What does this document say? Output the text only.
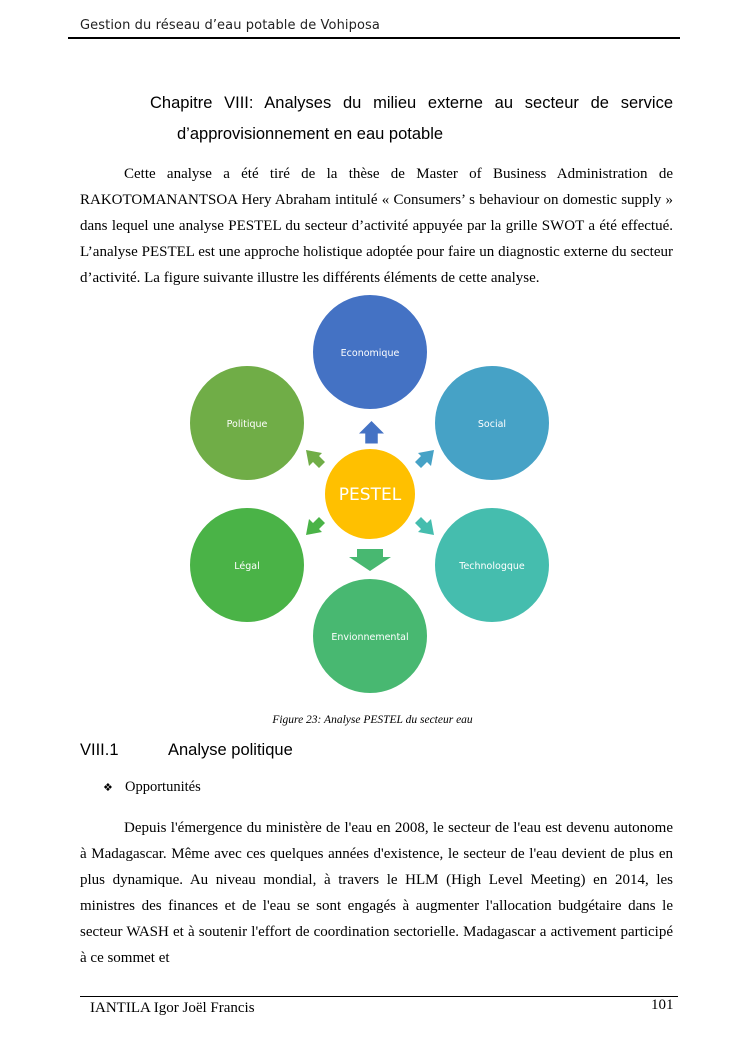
Gestion du réseau d’eau potable de Vohiposa
Chapitre VIII: Analyses du milieu externe au secteur de service
d’approvisionnement en eau potable

Cette analyse a été tiré de la thèse de Master of Business Administration de RAKOTOMANANTSOA Hery Abraham intitulé « Consumers’ s behaviour on domestic supply » dans lequel une analyse PESTEL du secteur d’activité appuyée par la grille SWOT a été effectué. L’analyse PESTEL est une approche holistique adoptée pour faire un diagnostic externe du secteur d’activité. La figure suivante illustre les différents éléments de cette analyse.

PESTEL
Economique
Social
Technologque
Envionnemental
Légal
Politique
Figure 23: Analyse PESTEL du secteur eau
VIII.1	Analyse politique
❖ Opportunités

Depuis l'émergence du ministère de l'eau en 2008, le secteur de l'eau est devenu autonome à Madagascar. Même avec ces quelques années d'existence, le secteur de l'eau devient de plus en plus dynamique. Au niveau mondial, à travers le HLM (High Level Meeting) en 2014, les ministres des finances et de l'eau se sont engagés à augmenter l'allocation budgétaire dans le secteur WASH et à soutenir l'effort de coordination sectorielle. Madagascar a activement participé à ce sommet et

IANTILA Igor Joël Francis	101
